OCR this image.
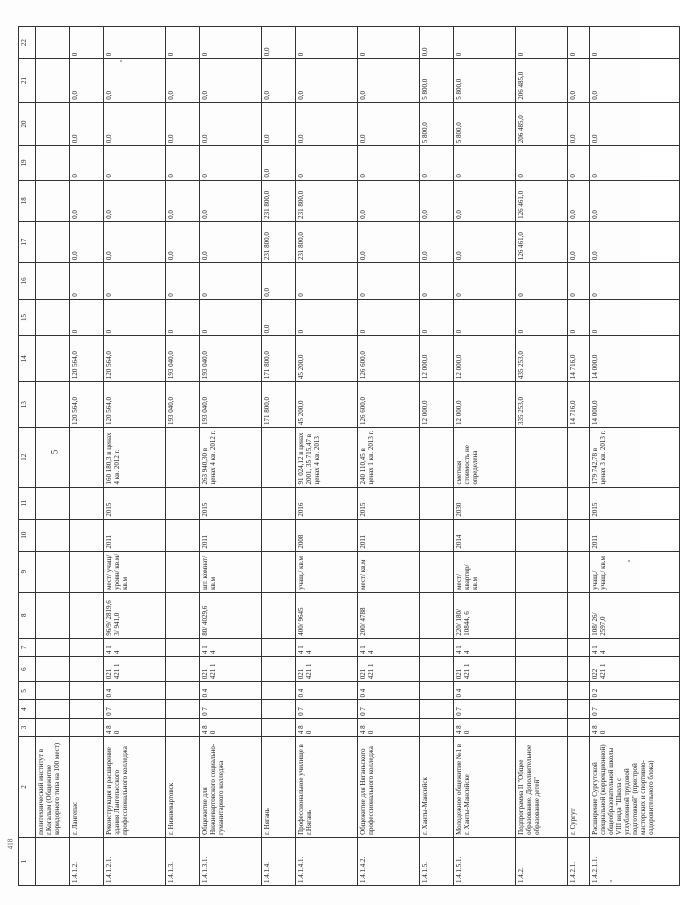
1	2	3	4	5	6	7	8	9	10	11	12	13	14	15	16	17	18	19	20	21	22
	политехнический институт в г.Когалым (Общежитие коридорного типа на 100 мест)																				
1.4.1.2.	г. Лангепас											120 564,0	120 564,0	0	0	0,0	0,0	0	0,0	0,0	0
1.4.1.2.1.	Реконструкция и расширение здания Лангепасского профессионального колледжа	4 8 0	0 7	0 4	021 421 1	4 1 4	96/9/ 2819,6 3/ 941,0	мест/ учащ/ уровн/ кв.м/ кв.м	2011	2015	160 180,3 в ценах 4 кв. 2012 г.	120 564,0	120 564,0	0	0	0,0	0,0	0	0,0	0,0	0
1.4.1.3.	г. Нижневартовск											193 040,0	193 040,0	0	0	0,0	0,0	0	0,0	0,0	0
1.4.1.3.1.	Общежитие для Нижневартовского социально-гуманитарного колледжа	4 8 0	0 7	0 4	021 421 1	4 1 4	80/ 4029,6	шт. комнат/ кв.м	2011	2015	263 940,30 в ценах 4 кв. 2012 г.	193 040,0	193 040,0	0	0	0,0	0,0	0	0,0	0,0	0
1.4.1.4.	г. Нягань											171 800,0	171 800,0	0,0	0,0	231 800,0	231 800,0	0,0	0,0	0,0	0,0
1.4.1.4.1.	Профессиональное училище в г.Нягань	4 8 0	0 7	0 4	021 421 1	4 1 4	400/ 9645	учащ./ кв.м	2008	2016	91 024,12 в ценах 2001, 35 715,47 в ценах 4 кв. 2013	45 200,0	45 200,0	0	0	231 800,0	231 800,0	0	0,0	0,0	0
1.4.1.4.2.	Общежитие для Няганьского профессионального колледжа	4 8 0	0 7	0 4	021 421 1	4 1 4	200/ 4788	мест/ кв.м	2011	2015	240 110,45 в ценах 1 кв. 2013 г.	126 600,0	126 600,0	0	0	0,0	0,0	0	0,0	0,0	0
1.4.1.5.	г. Ханты-Мансийск											12 000,0	12 000,0	0	0	0,0	0,0	0	5 800,0	5 800,0	0,0
1.4.1.5.1.	Молодежное общежитие №1 в г. Ханты-Мансийске	4 8 0	0 7	0 4	021 421 1	4 1 4	220/ 180/ 10844, 6	мест/ квартир/ кв.м	2014	2030	сметная стоимость не определена	12 000,0	12 000,0	0	0	0,0	0,0	0	5 800,0	5 800,0	0
1.4.2.	Подпрограмма II "Общее образование. Дополнительное образование детей"											335 253,0	435 253,0	0	0	126 461,0	126 461,0	0	206 485,0	206 485,0	0
1.4.2.1.	г. Сургут											14 716,0	14 716,0	0	0	0,0	0,0	0	0,0	0,0	0
1.4.2.1.1.	Расширение Сургутской специальной (коррекционной) общеобразовательной школы VIII вида "Школа с углубленной трудовой подготовкой" (пристрой мастерских и спортивно-оздоровительного блока)	4 8 0	0 7	0 2	022 421 1	4 1 4	108/ 26/ 2597,0	учащ./ учащ./ кв.м	2011	2015	179 742,78 в ценах 3 кв. 2013 г.	14 000,0	14 000,0	0	0	0,0	0,0	0	0,0	0,0	0
5
418
